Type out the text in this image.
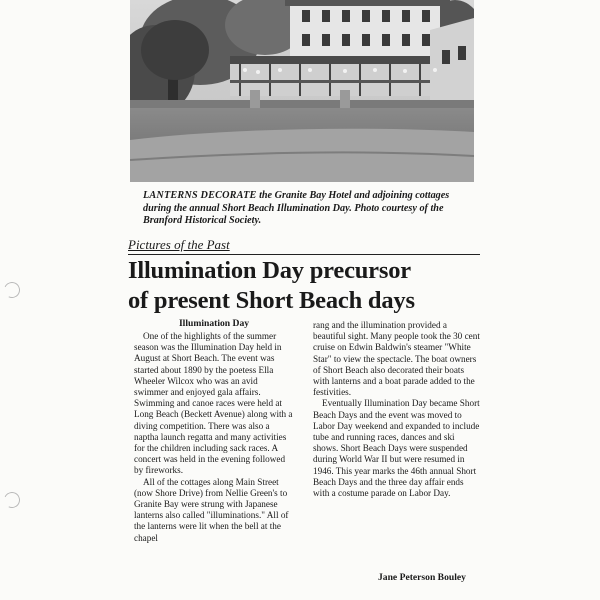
LANTERNS DECORATE the Granite Bay Hotel and adjoining cottages during the annual Short Beach Illumination Day. Photo courtesy of the Branford Historical Society.

Pictures of the Past

Illumination Day precursor
of present Short Beach days
Illumination Day

One of the highlights of the summer season was the Illumination Day held in August at Short Beach. The event was started about 1890 by the poetess Ella Wheeler Wilcox who was an avid swimmer and enjoyed gala affairs. Swimming and canoe races were held at Long Beach (Beckett Avenue) along with a diving competition. There was also a naptha launch regatta and many activities for the children including sack races. A concert was held in the evening followed by fireworks.

All of the cottages along Main Street (now Shore Drive) from Nellie Green's to Granite Bay were strung with Japanese lanterns also called "illuminations." All of the lanterns were lit when the bell at the chapel

rang and the illumination provided a beautiful sight. Many people took the 30 cent cruise on Edwin Baldwin's steamer "White Star" to view the spectacle. The boat owners of Short Beach also decorated their boats with lanterns and a boat parade added to the festivities.

Eventually Illumination Day became Short Beach Days and the event was moved to Labor Day weekend and expanded to include tube and running races, dances and ski shows. Short Beach Days were suspended during World War II but were resumed in 1946. This year marks the 46th annual Short Beach Days and the three day affair ends with a costume parade on Labor Day.

Jane Peterson Bouley
